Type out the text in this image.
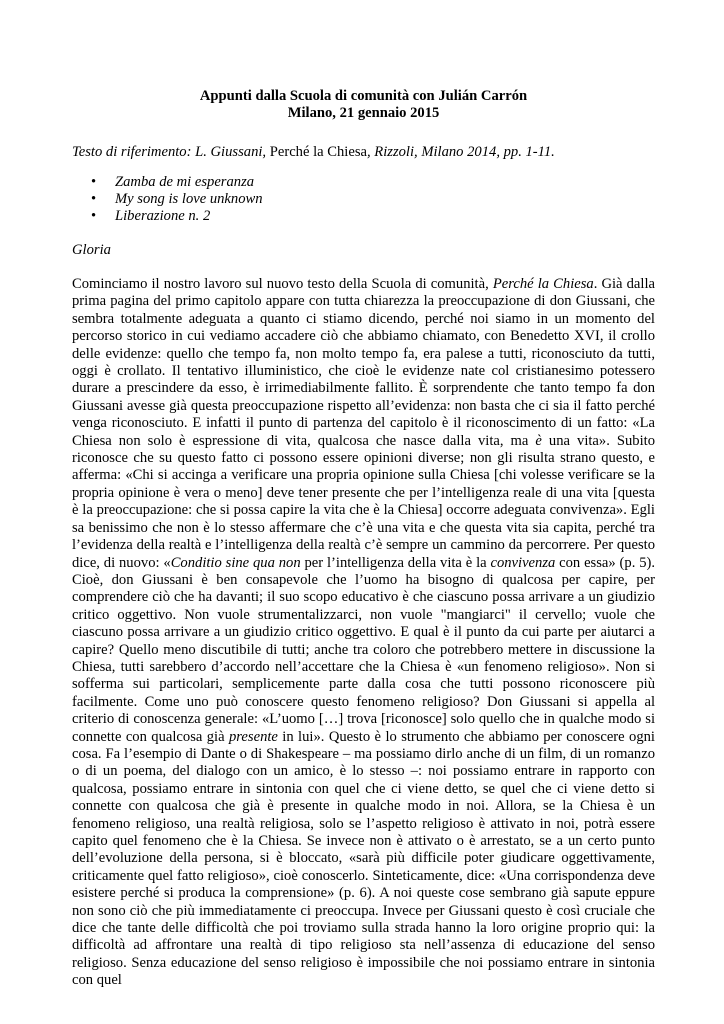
Appunti dalla Scuola di comunità con Julián Carrón
Milano, 21 gennaio 2015
Testo di riferimento: L. Giussani, Perché la Chiesa, Rizzoli, Milano 2014, pp. 1-11.
• Zamba de mi esperanza
• My song is love unknown
• Liberazione n. 2
Gloria
Cominciamo il nostro lavoro sul nuovo testo della Scuola di comunità, Perché la Chiesa. Già dalla prima pagina del primo capitolo appare con tutta chiarezza la preoccupazione di don Giussani, che sembra totalmente adeguata a quanto ci stiamo dicendo, perché noi siamo in un momento del percorso storico in cui vediamo accadere ciò che abbiamo chiamato, con Benedetto XVI, il crollo delle evidenze: quello che tempo fa, non molto tempo fa, era palese a tutti, riconosciuto da tutti, oggi è crollato. Il tentativo illuministico, che cioè le evidenze nate col cristianesimo potessero durare a prescindere da esso, è irrimediabilmente fallito. È sorprendente che tanto tempo fa don Giussani avesse già questa preoccupazione rispetto all’evidenza: non basta che ci sia il fatto perché venga riconosciuto. E infatti il punto di partenza del capitolo è il riconoscimento di un fatto: «La Chiesa non solo è espressione di vita, qualcosa che nasce dalla vita, ma è una vita». Subito riconosce che su questo fatto ci possono essere opinioni diverse; non gli risulta strano questo, e afferma: «Chi si accinga a verificare una propria opinione sulla Chiesa [chi volesse verificare se la propria opinione è vera o meno] deve tener presente che per l’intelligenza reale di una vita [questa è la preoccupazione: che si possa capire la vita che è la Chiesa] occorre adeguata convivenza». Egli sa benissimo che non è lo stesso affermare che c’è una vita e che questa vita sia capita, perché tra l’evidenza della realtà e l’intelligenza della realtà c’è sempre un cammino da percorrere. Per questo dice, di nuovo: «Conditio sine qua non per l’intelligenza della vita è la convivenza con essa» (p. 5). Cioè, don Giussani è ben consapevole che l’uomo ha bisogno di qualcosa per capire, per comprendere ciò che ha davanti; il suo scopo educativo è che ciascuno possa arrivare a un giudizio critico oggettivo. Non vuole strumentalizzarci, non vuole "mangiarci" il cervello; vuole che ciascuno possa arrivare a un giudizio critico oggettivo. E qual è il punto da cui parte per aiutarci a capire? Quello meno discutibile di tutti; anche tra coloro che potrebbero mettere in discussione la Chiesa, tutti sarebbero d’accordo nell’accettare che la Chiesa è «un fenomeno religioso». Non si sofferma sui particolari, semplicemente parte dalla cosa che tutti possono riconoscere più facilmente. Come uno può conoscere questo fenomeno religioso? Don Giussani si appella al criterio di conoscenza generale: «L’uomo […] trova [riconosce] solo quello che in qualche modo si connette con qualcosa già presente in lui». Questo è lo strumento che abbiamo per conoscere ogni cosa. Fa l’esempio di Dante o di Shakespeare – ma possiamo dirlo anche di un film, di un romanzo o di un poema, del dialogo con un amico, è lo stesso –: noi possiamo entrare in rapporto con qualcosa, possiamo entrare in sintonia con quel che ci viene detto, se quel che ci viene detto si connette con qualcosa che già è presente in qualche modo in noi. Allora, se la Chiesa è un fenomeno religioso, una realtà religiosa, solo se l’aspetto religioso è attivato in noi, potrà essere capito quel fenomeno che è la Chiesa. Se invece non è attivato o è arrestato, se a un certo punto dell’evoluzione della persona, si è bloccato, «sarà più difficile poter giudicare oggettivamente, criticamente quel fatto religioso», cioè conoscerlo. Sinteticamente, dice: «Una corrispondenza deve esistere perché si produca la comprensione» (p. 6). A noi queste cose sembrano già sapute eppure non sono ciò che più immediatamente ci preoccupa. Invece per Giussani questo è così cruciale che dice che tante delle difficoltà che poi troviamo sulla strada hanno la loro origine proprio qui: la difficoltà ad affrontare una realtà di tipo religioso sta nell’assenza di educazione del senso religioso. Senza educazione del senso religioso è impossibile che noi possiamo entrare in sintonia con quel
